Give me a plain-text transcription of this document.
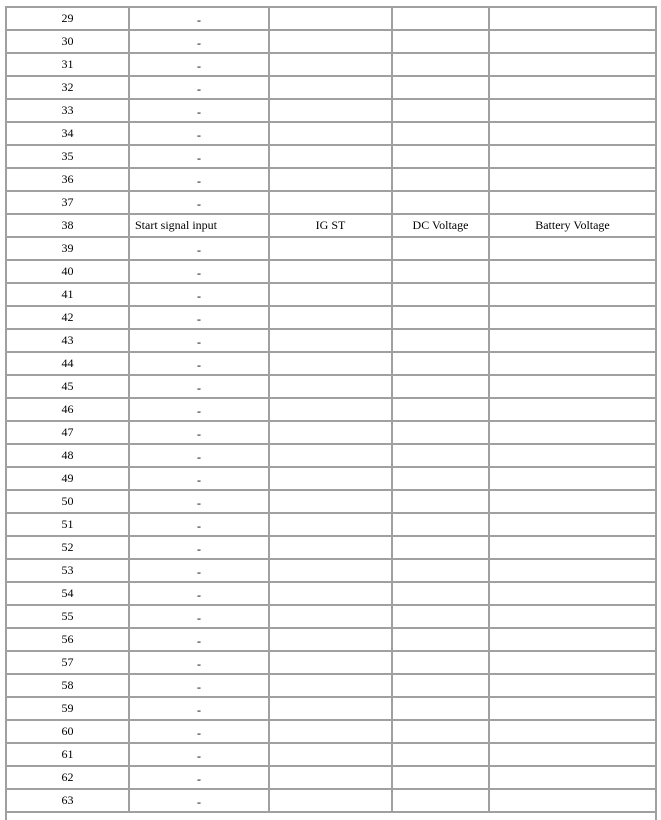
29	-			
30	-			
31	-			
32	-			
33	-			
34	-			
35	-			
36	-			
37	-			
38	Start signal input	IG ST	DC Voltage	Battery Voltage
39	-			
40	-			
41	-			
42	-			
43	-			
44	-			
45	-			
46	-			
47	-			
48	-			
49	-			
50	-			
51	-			
52	-			
53	-			
54	-			
55	-			
56	-			
57	-			
58	-			
59	-			
60	-			
61	-			
62	-			
63	-			
